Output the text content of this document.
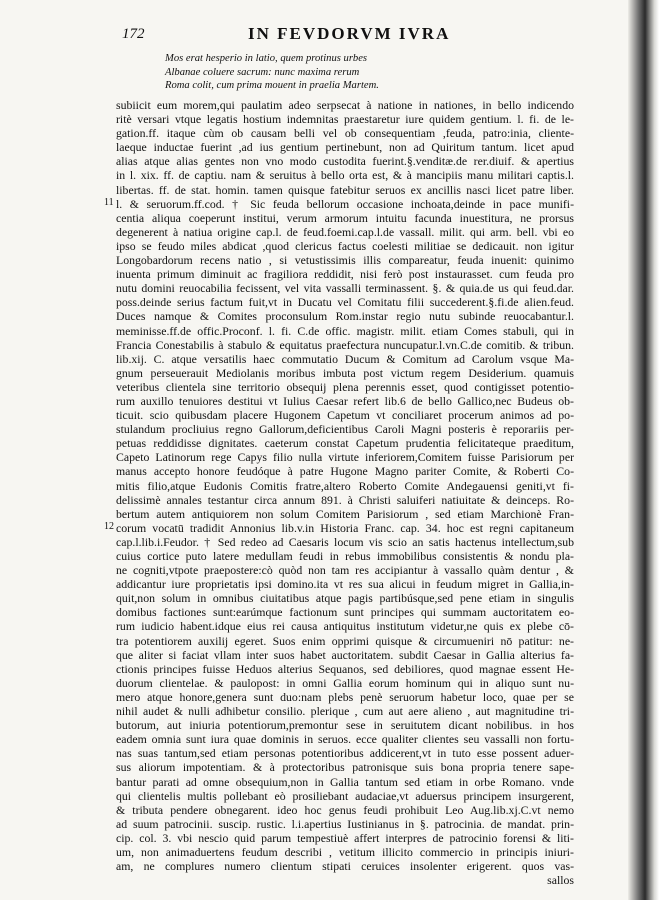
172	IN FEVDORVM IVRA
Mos erat hesperio in latio, quem protinus urbes
Albanae coluere sacrum: nunc maxima rerum
Roma colit, cum prima mouent in praelia Martem.
11
12
subiicit eum morem,qui paulatim adeo serpsecat à natione in nationes, in bello indicendo
ritè versari vtque legatis hostium indemnitas praestaretur iure quidem gentium. l. fi. de le-
gation.ff. itaque cùm ob causam belli vel ob consequentiam ,feuda, patro:inia, cliente-
laeque inductae fuerint ,ad ius gentium pertinebunt, non ad Quiritum tantum. licet apud
alias atque alias gentes non vno modo custodita fuerint.§.venditæ.de rer.diuif. & apertius
in l. xix. ff. de captiu. nam & seruitus à bello orta est, & à mancipiis manu militari captis.l.
libertas. ff. de stat. homin. tamen quisque fatebitur seruos ex ancillis nasci licet patre liber.
l. & seruorum.ff.cod. † Sic feuda bellorum occasione inchoata,deinde in pace munifi-
centia aliqua coeperunt institui, verum armorum intuitu facunda inuestitura, ne prorsus
degenerent à natiua origine cap.l. de feud.foemi.cap.l.de vassall. milit. qui arm. bell. vbi eo
ipso se feudo miles abdicat ,quod clericus factus coelesti militiae se dedicauit. non igitur
Longobardorum recens natio , si vetustissimis illis compareatur, feuda inuenit: quinimo
inuenta primum diminuit ac fragiliora reddidit, nisi ferò post instaurasset. cum feuda pro
nutu domini reuocabilia fecissent, vel vita vassalli terminassent. §. & quia.de us qui feud.dar.
poss.deinde serius factum fuit,vt in Ducatu vel Comitatu filii succederent.§.fi.de alien.feud.
Duces namque & Comites proconsulum Rom.instar regio nutu subinde reuocabantur.l.
meminisse.ff.de offic.Proconf. l. fi. C.de offic. magistr. milit. etiam Comes stabuli, qui in
Francia Conestabilis à stabulo & equitatus praefectura nuncupatur.l.vn.C.de comitib. & tribun.
lib.xij. C. atque versatilis haec commutatio Ducum & Comitum ad Carolum vsque Ma-
gnum perseuerauit Mediolanis moribus imbuta post victum regem Desiderium. quamuis
veteribus clientela sine territorio obsequij plena perennis esset, quod contigisset potentio-
rum auxillo tenuiores destitui vt Iulius Caesar refert lib.6 de bello Gallico,nec Budeus ob-
ticuit. scio quibusdam placere Hugonem Capetum vt conciliaret procerum animos ad po-
stulandum procliuius regno Gallorum,deficientibus Caroli Magni posteris è reporariis per-
petuas reddidisse dignitates. caeterum constat Capetum prudentia felicitateque praeditum,
Capeto Latinorum rege Capys filio nulla virtute inferiorem,Comitem fuisse Parisiorum per
manus accepto honore feudóque à patre Hugone Magno pariter Comite, & Roberti Co-
mitis filio,atque Eudonis Comitis fratre,altero Roberto Comite Andegauensi geniti,vt fi-
delissimè annales testantur circa annum 891. à Christi saluiferi natiuitate & deinceps. Ro-
bertum autem antiquiorem non solum Comitem Parisiorum , sed etiam Marchionè Fran-
corum vocatū tradidit Annonius lib.v.in Historia Franc. cap. 34. hoc est regni capitaneum
cap.l.lib.i.Feudor. † Sed redeo ad Caesaris locum vis scio an satis hactenus intellectum,sub
cuius cortice puto latere medullam feudi in rebus immobilibus consistentis & nondu pla-
ne cogniti,vtpote praepostere:cò quòd non tam res accipiantur à vassallo quàm dentur , &
addicantur iure proprietatis ipsi domino.ita vt res sua alicui in feudum migret in Gallia,in-
quit,non solum in omnibus ciuitatibus atque pagis partibúsque,sed pene etiam in singulis
domibus factiones sunt:earúmque factionum sunt principes qui summam auctoritatem eo-
rum iudicio habent.idque eius rei causa antiquitus institutum videtur,ne quis ex plebe cō-
tra potentiorem auxilij egeret. Suos enim opprimi quisque & circumueniri nō patitur: ne-
que aliter si faciat vllam inter suos habet auctoritatem. subdit Caesar in Gallia alterius fa-
ctionis principes fuisse Heduos alterius Sequanos, sed debiliores, quod magnae essent He-
duorum clientelae. & paulopost: in omni Gallia eorum hominum qui in aliquo sunt nu-
mero atque honore,genera sunt duo:nam plebs penè seruorum habetur loco, quae per se
nihil audet & nulli adhibetur consilio. plerique , cum aut aere alieno , aut magnitudine tri-
butorum, aut iniuria potentiorum,premontur sese in seruitutem dicant nobilibus. in hos
eadem omnia sunt iura quae dominis in seruos. ecce qualiter clientes seu vassalli non fortu-
nas suas tantum,sed etiam personas potentioribus addicerent,vt in tuto esse possent aduer-
sus aliorum impotentiam. & à protectoribus patronisque suis bona propria tenere sape-
bantur parati ad omne obsequium,non in Gallia tantum sed etiam in orbe Romano. vnde
qui clientelis multis pollebant eò prosiliebant audaciae,vt aduersus principem insurgerent,
& tributa pendere obnegarent. ideo hoc genus feudi prohibuit Leo Aug.lib.xj.C.vt nemo
ad suum patrocinii. suscip. rustic. l.i.apertius Iustinianus in §. patrocinia. de mandat. prin-
cip. col. 3. vbi nescio quid parum tempestiuè affert interpres de patrocinio forensi & liti-
um, non animaduertens feudum describi , vetitum illicito commercio in principis iniuri-
am, ne complures numero clientum stipati ceruices insolenter erigerent. quos vas-
sallos
